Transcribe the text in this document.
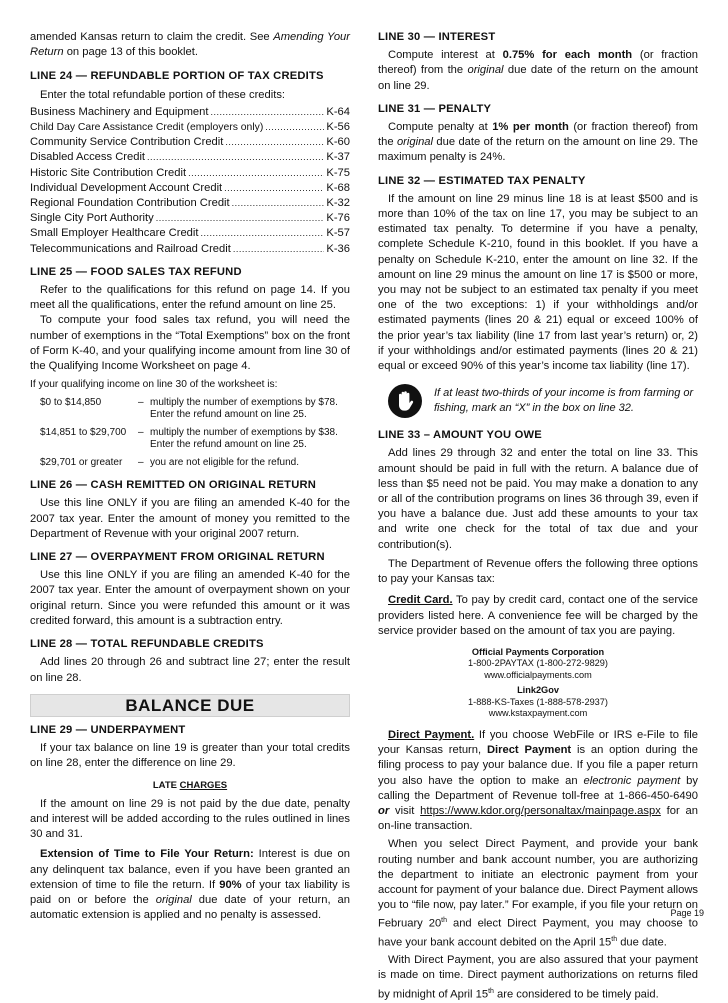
amended Kansas return to claim the credit. See Amending Your Return on page 13 of this booklet.

LINE 24 — REFUNDABLE PORTION OF TAX CREDITS

Enter the total refundable portion of these credits:

Business Machinery and Equipment . . .	K-64
Child Day Care Assistance Credit (employers only) . . .	K-56
Community Service Contribution Credit . . .	K-60
Disabled Access Credit . . .	K-37
Historic Site Contribution Credit . . .	K-75
Individual Development Account Credit . . .	K-68
Regional Foundation Contribution Credit . . .	K-32
Single City Port Authority . . .	K-76
Small Employer Healthcare Credit . . .	K-57
Telecommunications and Railroad Credit . . .	K-36
LINE 25 — FOOD SALES TAX REFUND

Refer to the qualifications for this refund on page 14. If you meet all the qualifications, enter the refund amount on line 25.

To compute your food sales tax refund, you will need the number of exemptions in the “Total Exemptions” box on the front of Form K-40, and your qualifying income amount from line 30 of the Qualifying Income Worksheet on page 4.

If your qualifying income on line 30 of the worksheet is:

$0 to $14,850	– multiply the number of exemptions by $78. Enter the refund amount on line 25.
$14,851 to $29,700	– multiply the number of exemptions by $38. Enter the refund amount on line 25.
$29,701 or greater	– you are not eligible for the refund.
LINE 26 — CASH REMITTED ON ORIGINAL RETURN

Use this line ONLY if you are filing an amended K-40 for the 2007 tax year. Enter the amount of money you remitted to the Department of Revenue with your original 2007 return.

LINE 27 — OVERPAYMENT FROM ORIGINAL RETURN

Use this line ONLY if you are filing an amended K-40 for the 2007 tax year. Enter the amount of overpayment shown on your original return. Since you were refunded this amount or it was credited forward, this amount is a subtraction entry.

LINE 28 — TOTAL REFUNDABLE CREDITS

Add lines 20 through 26 and subtract line 27; enter the result on line 28.

BALANCE DUE
LINE 29 — UNDERPAYMENT

If your tax balance on line 19 is greater than your total credits on line 28, enter the difference on line 29.

LATE CHARGES

If the amount on line 29 is not paid by the due date, penalty and interest will be added according to the rules outlined in lines 30 and 31.

Extension of Time to File Your Return: Interest is due on any delinquent tax balance, even if you have been granted an extension of time to file the return. If 90% of your tax liability is paid on or before the original due date of your return, an automatic extension is applied and no penalty is assessed.

LINE 30 — INTEREST

Compute interest at 0.75% for each month (or fraction thereof) from the original due date of the return on the amount on line 29.

LINE 31 — PENALTY

Compute penalty at 1% per month (or fraction thereof) from the original due date of the return on the amount on line 29. The maximum penalty is 24%.

LINE 32 — ESTIMATED TAX PENALTY

If the amount on line 29 minus line 18 is at least $500 and is more than 10% of the tax on line 17, you may be subject to an estimated tax penalty. To determine if you have a penalty, complete Schedule K-210, found in this booklet. If you have a penalty on Schedule K-210, enter the amount on line 32. If the amount on line 29 minus the amount on line 17 is $500 or more, you may not be subject to an estimated tax penalty if you meet one of the two exceptions: 1) if your withholdings and/or estimated payments (lines 20 & 21) equal or exceed 100% of the prior year’s tax liability (line 17 from last year’s return) or, 2) if your withholdings and/or estimated payments (lines 20 & 21) equal or exceed 90% of this year’s income tax liability (line 17).

If at least two-thirds of your income is from farming or fishing, mark an “X” in the box on line 32.
LINE 33 – AMOUNT YOU OWE

Add lines 29 through 32 and enter the total on line 33. This amount should be paid in full with the return. A balance due of less than $5 need not be paid. You may make a donation to any or all of the contribution programs on lines 36 through 39, even if you have a balance due. Just add these amounts to your tax and write one check for the total of tax due and your contribution(s).

The Department of Revenue offers the following three options to pay your Kansas tax:

Credit Card. To pay by credit card, contact one of the service providers listed here. A convenience fee will be charged by the service provider based on the amount of tax you are paying.

Official Payments Corporation
1-800-2PAYTAX (1-800-272-9829)
www.officialpayments.com
Link2Gov
1-888-KS-Taxes (1-888-578-2937)
www.kstaxpayment.com

Direct Payment. If you choose WebFile or IRS e-File to file your Kansas return, Direct Payment is an option during the filing process to pay your balance due. If you file a paper return you also have the option to make an electronic payment by calling the Department of Revenue toll-free at 1-866-450-6490 or visit https://www.kdor.org/personaltax/mainpage.aspx for an on-line transaction.

When you select Direct Payment, and provide your bank routing number and bank account number, you are authorizing the department to initiate an electronic payment from your account for payment of your balance due. Direct Payment allows you to “file now, pay later.” For example, if you file your return on February 20th and elect Direct Payment, you may choose to have your bank account debited on the April 15th due date.

With Direct Payment, you are also assured that your payment is made on time. Direct payment authorizations on returns filed by midnight of April 15th are considered to be timely paid.

Page 19
